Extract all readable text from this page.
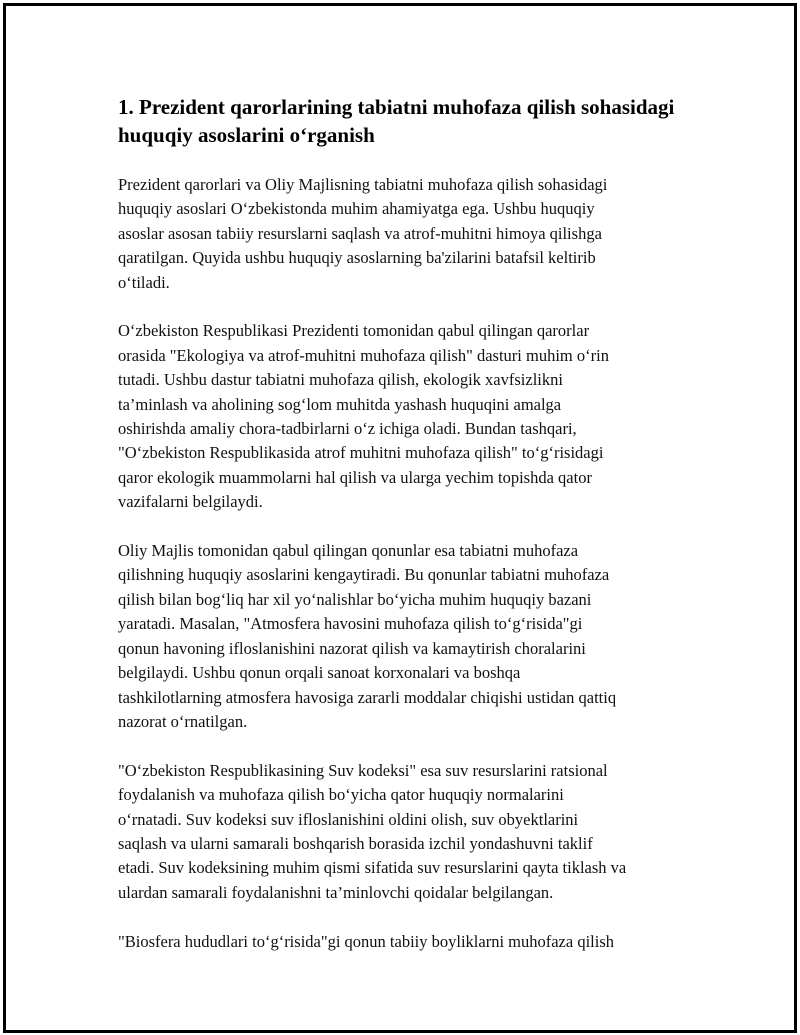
1. Prezident qarorlarining tabiatni muhofaza qilish sohasidagi huquqiy asoslarini o‘rganish

Prezident qarorlari va Oliy Majlisning tabiatni muhofaza qilish sohasidagi
huquqiy asoslari O‘zbekistonda muhim ahamiyatga ega. Ushbu huquqiy
asoslar asosan tabiiy resurslarni saqlash va atrof-muhitni himoya qilishga
qaratilgan. Quyida ushbu huquqiy asoslarning ba'zilarini batafsil keltirib
o‘tiladi.

O‘zbekiston Respublikasi Prezidenti tomonidan qabul qilingan qarorlar
orasida "Ekologiya va atrof-muhitni muhofaza qilish" dasturi muhim o‘rin
tutadi. Ushbu dastur tabiatni muhofaza qilish, ekologik xavfsizlikni
ta’minlash va aholining sog‘lom muhitda yashash huquqini amalga
oshirishda amaliy chora-tadbirlarni o‘z ichiga oladi. Bundan tashqari,
"O‘zbekiston Respublikasida atrof muhitni muhofaza qilish" to‘g‘risidagi
qaror ekologik muammolarni hal qilish va ularga yechim topishda qator
vazifalarni belgilaydi.

Oliy Majlis tomonidan qabul qilingan qonunlar esa tabiatni muhofaza
qilishning huquqiy asoslarini kengaytiradi. Bu qonunlar tabiatni muhofaza
qilish bilan bog‘liq har xil yo‘nalishlar bo‘yicha muhim huquqiy bazani
yaratadi. Masalan, "Atmosfera havosini muhofaza qilish to‘g‘risida"gi
qonun havoning ifloslanishini nazorat qilish va kamaytirish choralarini
belgilaydi. Ushbu qonun orqali sanoat korxonalari va boshqa
tashkilotlarning atmosfera havosiga zararli moddalar chiqishi ustidan qattiq
nazorat o‘rnatilgan.

"O‘zbekiston Respublikasining Suv kodeksi" esa suv resurslarini ratsional
foydalanish va muhofaza qilish bo‘yicha qator huquqiy normalarini
o‘rnatadi. Suv kodeksi suv ifloslanishini oldini olish, suv obyektlarini
saqlash va ularni samarali boshqarish borasida izchil yondashuvni taklif
etadi. Suv kodeksining muhim qismi sifatida suv resurslarini qayta tiklash va
ulardan samarali foydalanishni ta’minlovchi qoidalar belgilangan.

"Biosfera hududlari to‘g‘risida"gi qonun tabiiy boyliklarni muhofaza qilish
